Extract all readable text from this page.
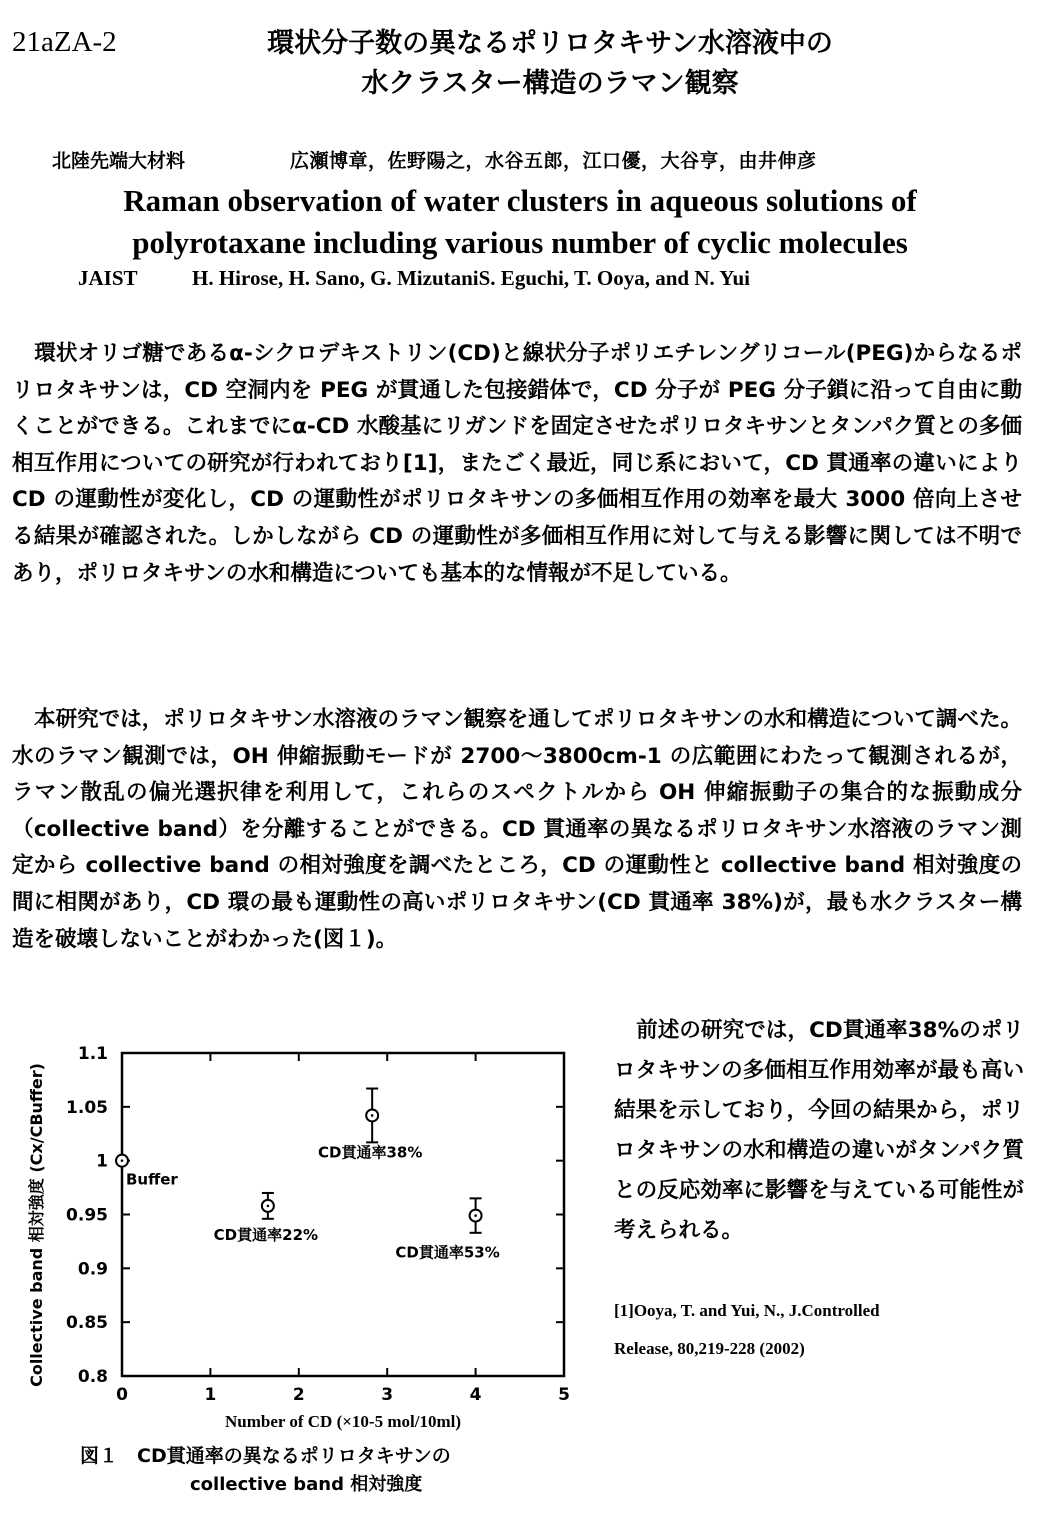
21aZA-2	環状分子数の異なるポリロタキサン水溶液中の
水クラスター構造のラマン観察
北陸先端大材料	広瀬博章，佐野陽之，水谷五郎，江口優，大谷亨，由井伸彦
Raman observation of water clusters in aqueous solutions of
polyrotaxane including various number of cyclic molecules
JAIST	H. Hirose, H. Sano, G. MizutaniS. Eguchi, T. Ooya, and N. Yui
環状オリゴ糖であるα-シクロデキストリン(CD)と線状分子ポリエチレングリコール(PEG)からなるポリロタキサンは，CD 空洞内を PEG が貫通した包接錯体で，CD 分子が PEG 分子鎖に沿って自由に動くことができる。これまでにα-CD 水酸基にリガンドを固定させたポリロタキサンとタンパク質との多価相互作用についての研究が行われており[1]，またごく最近，同じ系において，CD 貫通率の違いにより CD の運動性が変化し，CD の運動性がポリロタキサンの多価相互作用の効率を最大 3000 倍向上させる結果が確認された。しかしながら CD の運動性が多価相互作用に対して与える影響に関しては不明であり，ポリロタキサンの水和構造についても基本的な情報が不足している。
本研究では，ポリロタキサン水溶液のラマン観察を通してポリロタキサンの水和構造について調べた。水のラマン観測では，OH 伸縮振動モードが 2700～3800cm-1 の広範囲にわたって観測されるが，ラマン散乱の偏光選択律を利用して，これらのスペクトルから OH 伸縮振動子の集合的な振動成分（collective band）を分離することができる。CD 貫通率の異なるポリロタキサン水溶液のラマン測定から collective band の相対強度を調べたところ，CD の運動性と collective band 相対強度の間に相関があり，CD 環の最も運動性の高いポリロタキサン(CD 貫通率 38%)が，最も水クラスター構造を破壊しないことがわかった(図１)。
前述の研究では，CD貫通率38%のポリロタキサンの多価相互作用効率が最も高い結果を示しており，今回の結果から，ポリロタキサンの水和構造の違いがタンパク質との反応効率に影響を与えている可能性が考えられる。
[1]Ooya, T. and Yui, N., J.Controlled
Release, 80,219-228 (2002)
0	1	2	3	4	5
0.8
0.85
0.9
0.95
1
1.05
1.1
Buffer
CD貫通率22%
CD貫通率38%
CD貫通率53%
Number of CD (×10-5 mol/10ml)
Collective band 相対強度 (Cx/CBuffer)
図１　CD貫通率の異なるポリロタキサンの
collective band 相対強度
